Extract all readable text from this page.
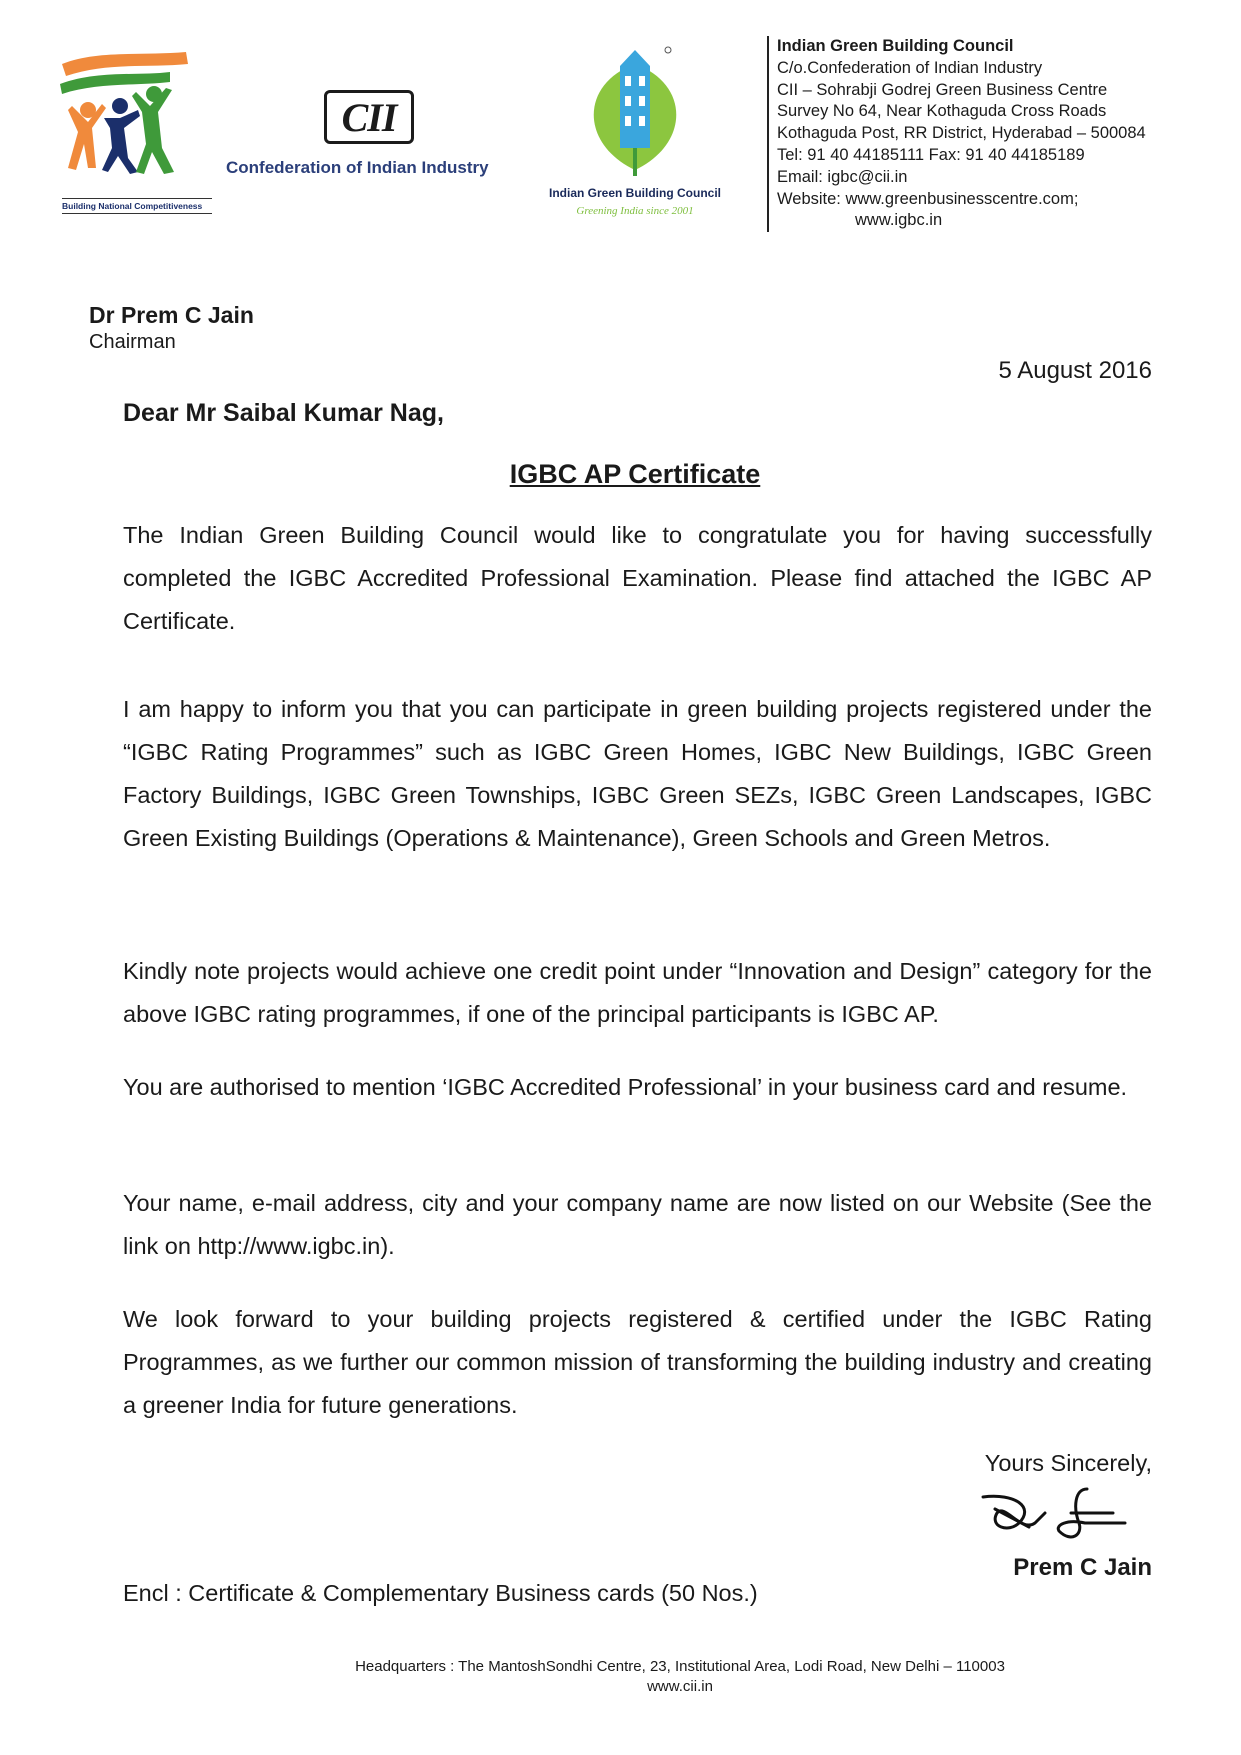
Building National Competitiveness
CII
Confederation of Indian Industry
Indian Green Building Council
Greening India since 2001
Indian Green Building Council
C/o.Confederation of Indian Industry
CII – Sohrabji Godrej Green Business Centre
Survey No 64, Near Kothaguda Cross Roads
Kothaguda Post, RR District, Hyderabad – 500084
Tel: 91 40 44185111 Fax: 91 40 44185189
Email: igbc@cii.in
Website: www.greenbusinesscentre.com;
www.igbc.in
Dr Prem C Jain
Chairman
5 August 2016
Dear Mr Saibal Kumar Nag,
IGBC AP Certificate
The Indian Green Building Council would like to congratulate you for having successfully completed the IGBC Accredited Professional Examination. Please find attached the IGBC AP Certificate.
I am happy to inform you that you can participate in green building projects registered under the “IGBC Rating Programmes” such as IGBC Green Homes, IGBC New Buildings, IGBC Green Factory Buildings, IGBC Green Townships, IGBC Green SEZs, IGBC Green Landscapes, IGBC Green Existing Buildings (Operations & Maintenance), Green Schools and Green Metros.
Kindly note projects would achieve one credit point under “Innovation and Design” category for the above IGBC rating programmes, if one of the principal participants is IGBC AP.
You are authorised to mention ‘IGBC Accredited Professional’ in your business card and resume.
Your name, e-mail address, city and your company name are now listed on our Website (See the link on http://www.igbc.in).
We look forward to your building projects registered & certified under the IGBC Rating Programmes, as we further our common mission of transforming the building industry and creating a greener India for future generations.
Yours Sincerely,
Prem C Jain
Encl : Certificate & Complementary Business cards (50 Nos.)
Headquarters : The MantoshSondhi Centre, 23, Institutional Area, Lodi Road, New Delhi – 110003
www.cii.in
